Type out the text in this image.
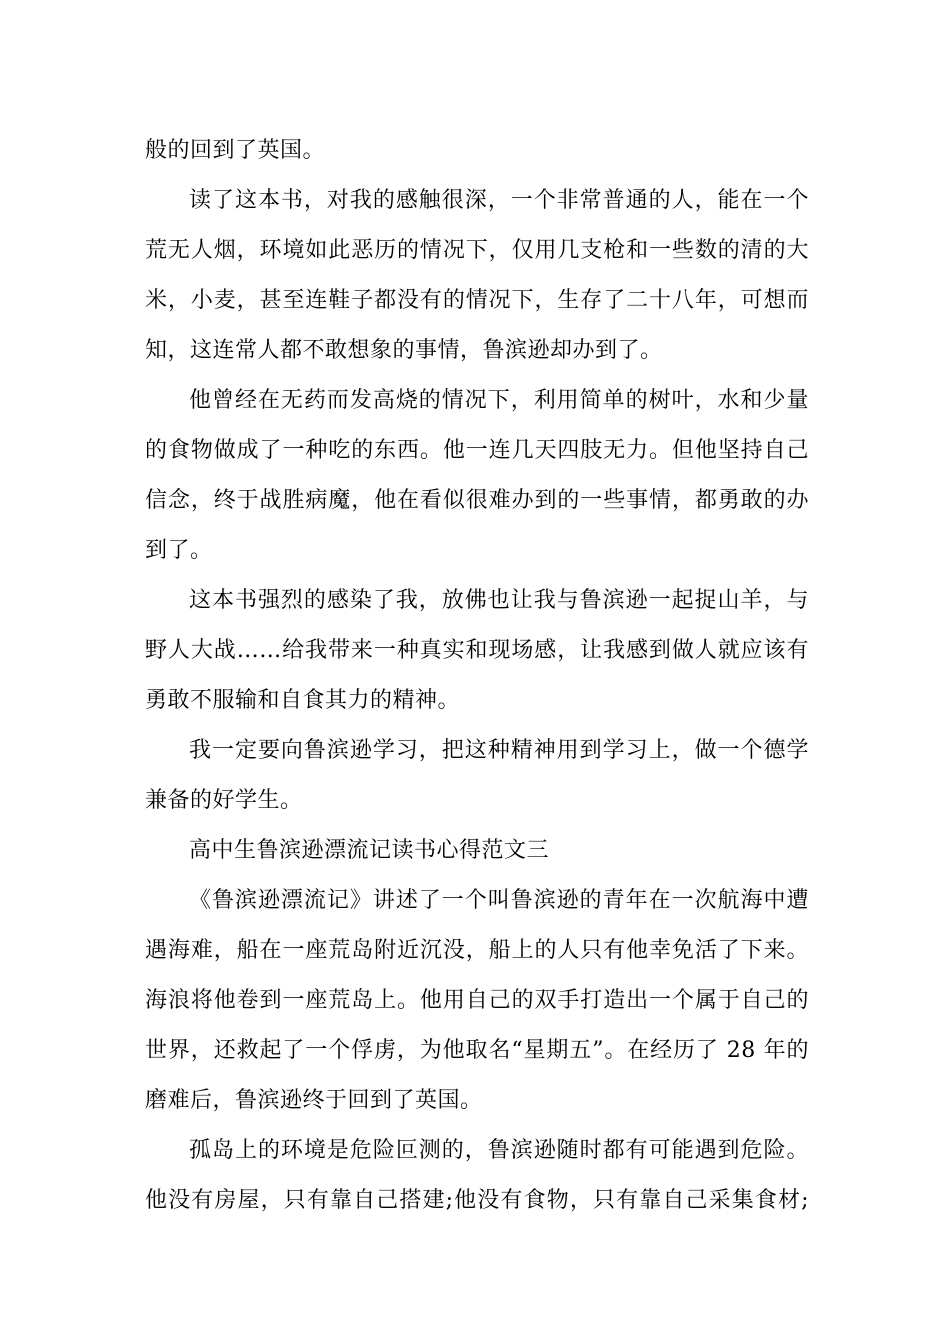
般的回到了英国。
读了这本书，对我的感触很深，一个非常普通的人，能在一个
荒无人烟，环境如此恶历的情况下，仅用几支枪和一些数的清的大
米，小麦，甚至连鞋子都没有的情况下，生存了二十八年，可想而
知，这连常人都不敢想象的事情，鲁滨逊却办到了。
他曾经在无药而发高烧的情况下，利用简单的树叶，水和少量
的食物做成了一种吃的东西。他一连几天四肢无力。但他坚持自己
信念，终于战胜病魔，他在看似很难办到的一些事情，都勇敢的办
到了。
这本书强烈的感染了我，放佛也让我与鲁滨逊一起捉山羊，与
野人大战……给我带来一种真实和现场感，让我感到做人就应该有
勇敢不服输和自食其力的精神。
我一定要向鲁滨逊学习，把这种精神用到学习上，做一个德学
兼备的好学生。
高中生鲁滨逊漂流记读书心得范文三
《鲁滨逊漂流记》讲述了一个叫鲁滨逊的青年在一次航海中遭
遇海难，船在一座荒岛附近沉没，船上的人只有他幸免活了下来。
海浪将他卷到一座荒岛上。他用自己的双手打造出一个属于自己的
世界，还救起了一个俘虏，为他取名“星期五”。在经历了 28 年的
磨难后，鲁滨逊终于回到了英国。
孤岛上的环境是危险叵测的，鲁滨逊随时都有可能遇到危险。
他没有房屋，只有靠自己搭建;他没有食物，只有靠自己采集食材;
